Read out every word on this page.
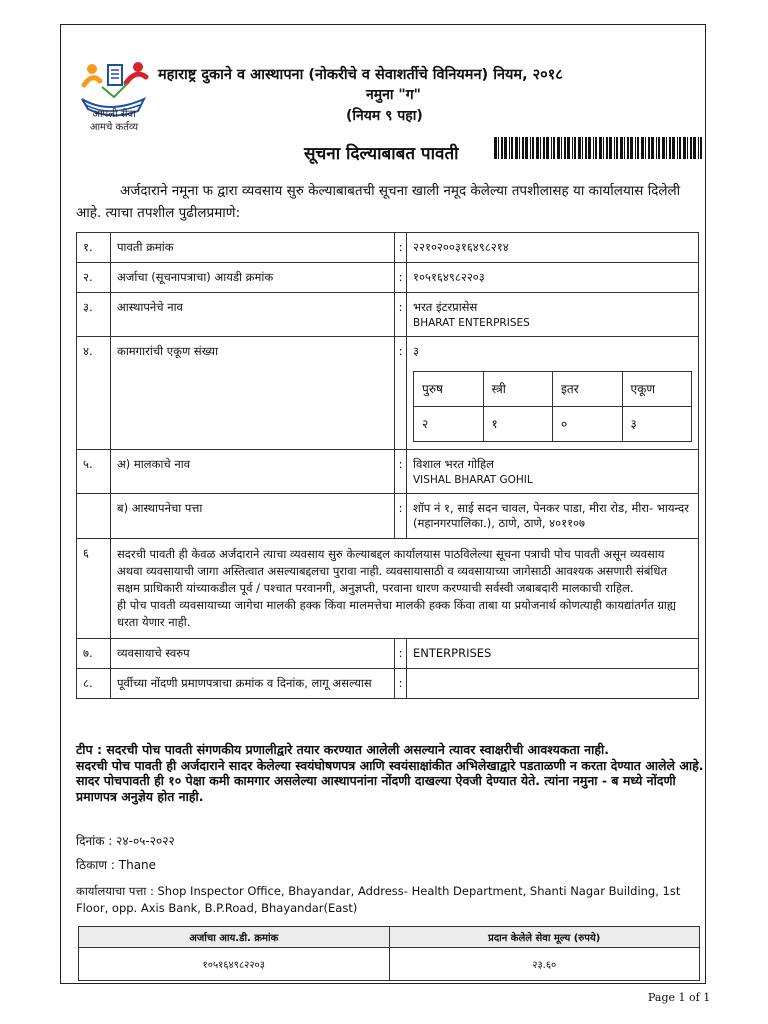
आपली सेवा
आमचे कर्तव्य
महाराष्ट्र दुकाने व आस्थापना (नोकरीचे व सेवाशर्तीचे विनियमन) नियम, २०१८
नमुना "ग"
(नियम ९ पहा)
सूचना दिल्याबाबत पावती
अर्जदाराने नमूना फ द्वारा व्यवसाय सुरु केल्याबाबतची सूचना खाली नमूद केलेल्या तपशीलासह या कार्यालयास दिलेली आहे. त्याचा तपशील पुढीलप्रमाणे:
१.	पावती क्रमांक	:	२२१०२००३१६४९८२१४
२.	अर्जाचा (सूचनापत्राचा) आयडी क्रमांक	:	१०५१६४९८२२०३
३.	आस्थापनेचे नाव	:	भरत इंटरप्रासेस
BHARAT ENTERPRISES

४.	कामगारांची एकूण संख्या	:	३
पुरुष	स्त्री	इतर	एकूण
२	१	०	३

५.	अ) मालकाचे नाव	:	विशाल भरत गोहिल
VISHAL BHARAT GOHIL

	ब) आस्थापनेचा पत्ता	:	शॉप नं १, साई सदन चावल, पेनकर पाडा, मीरा रोड, मीरा- भायन्दर (महानगरपालिका.), ठाणे, ठाणे, ४०११०७
६	सदरची पावती ही केवळ अर्जदाराने त्याचा व्यवसाय सुरु केल्याबद्दल कार्यालयास पाठविलेल्या सूचना पत्राची पोच पावती असून व्यवसाय अथवा व्यवसायाची जागा अस्तित्वात असल्याबद्दलचा पुरावा नाही. व्यवसायासाठी व व्यवसायाच्या जागेसाठी आवश्यक असणारी संबंधित सक्षम प्राधिकारी यांच्याकडील पूर्व / पश्चात परवानगी, अनुज्ञप्ती, परवाना धारण करण्याची सर्वस्वी जबाबदारी मालकाची राहिल.
ही पोच पावती व्यवसायाच्या जागेचा मालकी हक्क किंवा मालमत्तेचा मालकी हक्क किंवा ताबा या प्रयोजनार्थ कोणत्याही कायद्यांतर्गत ग्राह्य धरता येणार नाही.

७.	व्यवसायाचे स्वरुप	:	ENTERPRISES
८.	पूर्वीच्या नोंदणी प्रमाणपत्राचा क्रमांक व दिनांक, लागू असल्यास	:	

टीप : सदरची पोच पावती संगणकीय प्रणालीद्वारे तयार करण्यात आलेली असल्याने त्यावर स्वाक्षरीची आवश्यकता नाही.

सदरची पोच पावती ही अर्जदाराने सादर केलेल्या स्वयंघोषणपत्र आणि स्वयंसाक्षांकीत अभिलेखाद्वारे पडताळणी न करता देण्यात आलेले आहे.

सादर पोचपावती ही १० पेक्षा कमी कामगार असलेल्या आस्थापनांना नोंदणी दाखल्या ऐवजी देण्यात येते. त्यांना नमुना - ब मध्ये नोंदणी प्रमाणपत्र अनुज्ञेय होत नाही.

दिनांक : २४-०५-२०२२
ठिकाण : Thane
कार्यालयाचा पत्ता : Shop Inspector Office, Bhayandar, Address- Health Department, Shanti Nagar Building, 1st Floor, opp. Axis Bank, B.P.Road, Bhayandar(East)
अर्जाचा आय.डी. क्रमांक	प्रदान केलेले सेवा मूल्य (रुपये)
१०५१६४९८२२०३	२३.६०
Page 1 of 1
